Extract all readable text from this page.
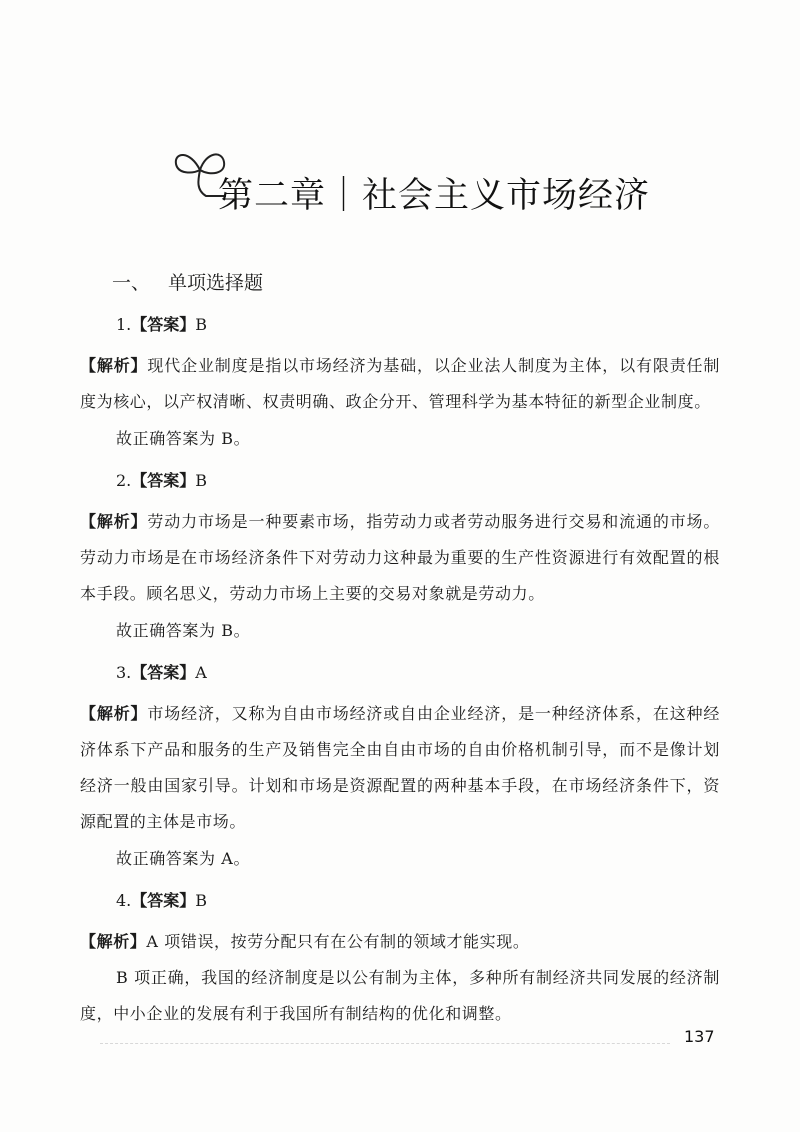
第二章｜社会主义市场经济
一、 单项选择题
1.【答案】B

【解析】现代企业制度是指以市场经济为基础，以企业法人制度为主体，以有限责任制度为核心，以产权清晰、权责明确、政企分开、管理科学为基本特征的新型企业制度。

故正确答案为 B。
2.【答案】B

【解析】劳动力市场是一种要素市场，指劳动力或者劳动服务进行交易和流通的市场。劳动力市场是在市场经济条件下对劳动力这种最为重要的生产性资源进行有效配置的根本手段。顾名思义，劳动力市场上主要的交易对象就是劳动力。

故正确答案为 B。
3.【答案】A

【解析】市场经济，又称为自由市场经济或自由企业经济，是一种经济体系，在这种经济体系下产品和服务的生产及销售完全由自由市场的自由价格机制引导，而不是像计划经济一般由国家引导。计划和市场是资源配置的两种基本手段，在市场经济条件下，资源配置的主体是市场。

故正确答案为 A。
4.【答案】B

【解析】A 项错误，按劳分配只有在公有制的领域才能实现。

B 项正确，我国的经济制度是以公有制为主体，多种所有制经济共同发展的经济制度，中小企业的发展有利于我国所有制结构的优化和调整。

137
